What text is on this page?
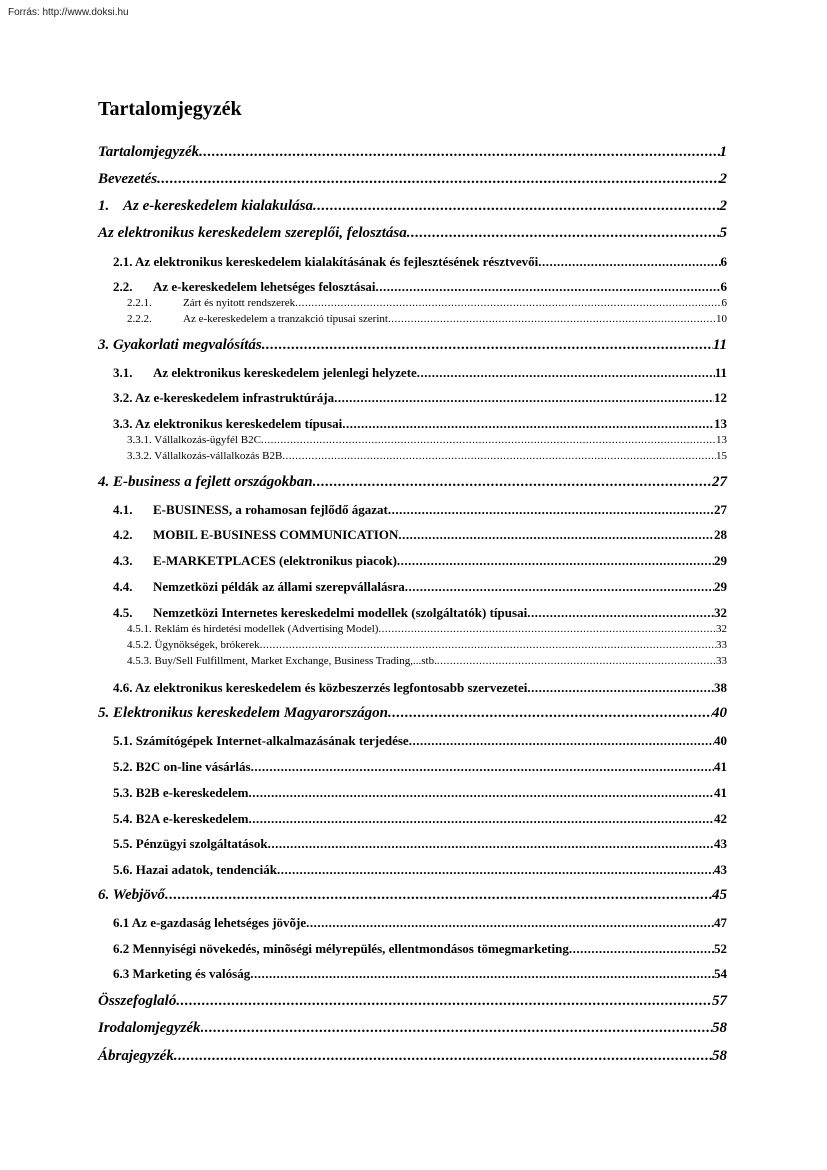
Forrás: http://www.doksi.hu
Tartalomjegyzék
Tartalomjegyzék .....	1
Bevezetés .....	2
1. Az e-kereskedelem kialakulása .....	2
Az elektronikus kereskedelem szereplői, felosztása .....	5
2.1. Az elektronikus kereskedelem kialakításának és fejlesztésének résztvevői .....	6
2.2.	Az e-kereskedelem lehetséges felosztásai .....	6
2.2.1.	Zárt és nyitott rendszerek .....	6
2.2.2.	Az e-kereskedelem a tranzakció típusai szerint .....	10
3. Gyakorlati megvalósítás .....	11
3.1.	Az elektronikus kereskedelem jelenlegi helyzete .....	11
3.2. Az e-kereskedelem infrastruktúrája .....	12
3.3. Az elektronikus kereskedelem típusai .....	13
3.3.1. Vállalkozás-ügyfél B2C .....	13
3.3.2. Vállalkozás-vállalkozás B2B .....	15
4. E-business a fejlett országokban .....	27
4.1.	E-BUSINESS, a rohamosan fejlődő ágazat .....	27
4.2.	MOBIL E-BUSINESS COMMUNICATION .....	28
4.3.	E-MARKETPLACES (elektronikus piacok) .....	29
4.4.	Nemzetközi példák az állami szerepvállalásra .....	29
4.5.	Nemzetközi Internetes kereskedelmi modellek (szolgáltatók) típusai .....	32
4.5.1. Reklám és hirdetési modellek (Advertising Model) .....	32
4.5.2. Ügynökségek, brókerek .....	33
4.5.3. Buy/Sell Fulfillment, Market Exchange, Business Trading,...stb. .....	33
4.6. Az elektronikus kereskedelem és közbeszerzés legfontosabb szervezetei .....	38
5. Elektronikus kereskedelem Magyarországon .....	40
5.1. Számítógépek Internet-alkalmazásának terjedése .....	40
5.2. B2C on-line vásárlás .....	41
5.3. B2B e-kereskedelem .....	41
5.4. B2A e-kereskedelem .....	42
5.5. Pénzügyi szolgáltatások .....	43
5.6. Hazai adatok, tendenciák .....	43
6. Webjövő .....	45
6.1 Az e-gazdaság lehetséges jövõje .....	47
6.2 Mennyiségi növekedés, minõségi mélyrepülés, ellentmondásos tömegmarketing .....	52
6.3 Marketing és valóság .....	54
Összefoglaló .....	57
Irodalomjegyzék .....	58
Ábrajegyzék .....	58
